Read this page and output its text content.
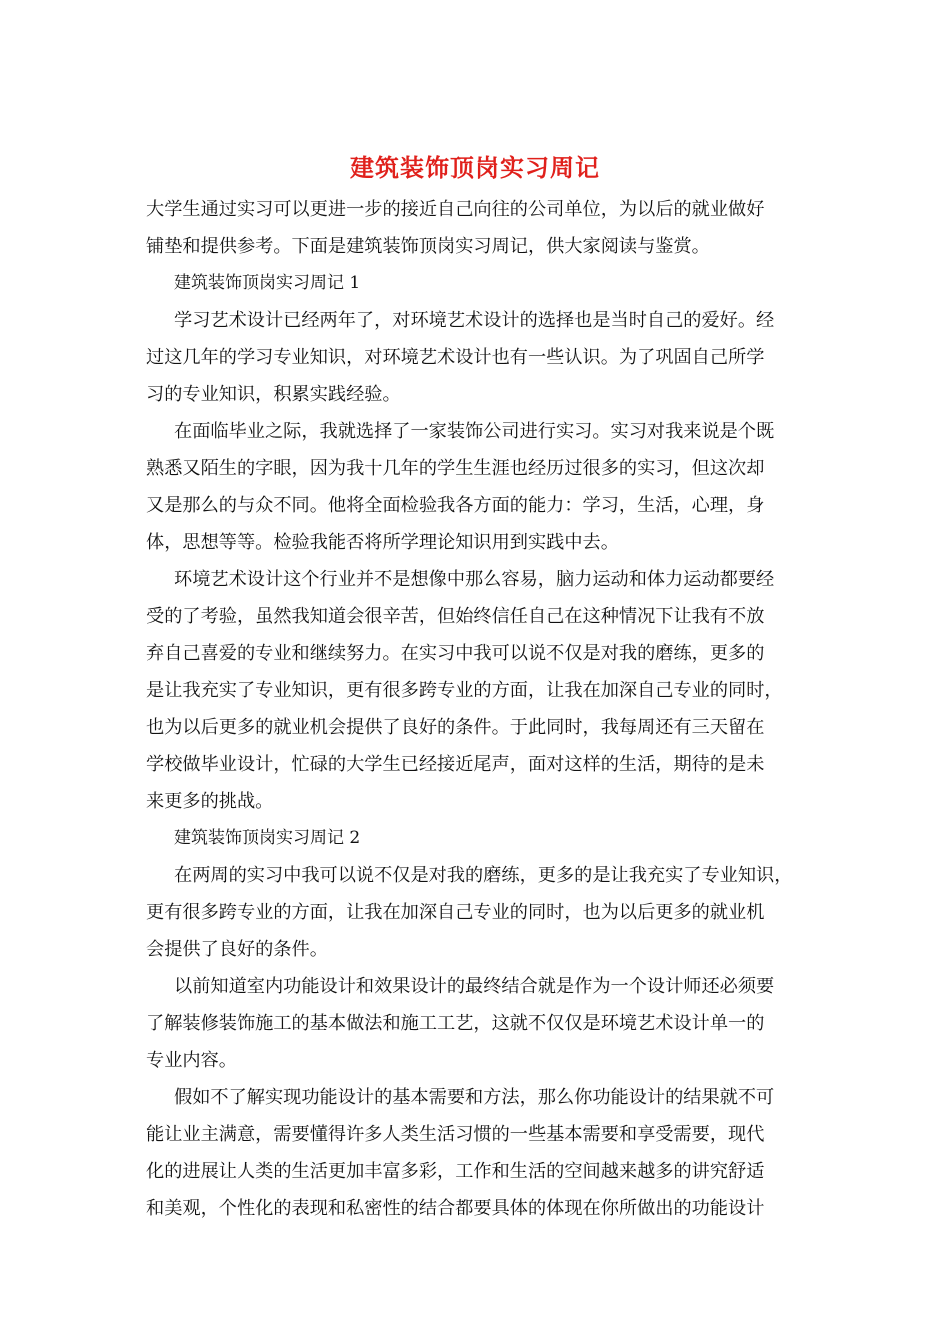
建筑装饰顶岗实习周记
大学生通过实习可以更进一步的接近自己向往的公司单位，为以后的就业做好
铺垫和提供参考。下面是建筑装饰顶岗实习周记，供大家阅读与鉴赏。
建筑装饰顶岗实习周记 1
学习艺术设计已经两年了，对环境艺术设计的选择也是当时自己的爱好。经
过这几年的学习专业知识，对环境艺术设计也有一些认识。为了巩固自己所学
习的专业知识，积累实践经验。
在面临毕业之际，我就选择了一家装饰公司进行实习。实习对我来说是个既
熟悉又陌生的字眼，因为我十几年的学生生涯也经历过很多的实习，但这次却
又是那么的与众不同。他将全面检验我各方面的能力：学习，生活，心理，身
体，思想等等。检验我能否将所学理论知识用到实践中去。
环境艺术设计这个行业并不是想像中那么容易，脑力运动和体力运动都要经
受的了考验，虽然我知道会很辛苦，但始终信任自己在这种情况下让我有不放
弃自己喜爱的专业和继续努力。在实习中我可以说不仅是对我的磨练，更多的
是让我充实了专业知识，更有很多跨专业的方面，让我在加深自己专业的同时，
也为以后更多的就业机会提供了良好的条件。于此同时，我每周还有三天留在
学校做毕业设计，忙碌的大学生已经接近尾声，面对这样的生活，期待的是未
来更多的挑战。
建筑装饰顶岗实习周记 2
在两周的实习中我可以说不仅是对我的磨练，更多的是让我充实了专业知识，
更有很多跨专业的方面，让我在加深自己专业的同时，也为以后更多的就业机
会提供了良好的条件。
以前知道室内功能设计和效果设计的最终结合就是作为一个设计师还必须要
了解装修装饰施工的基本做法和施工工艺，这就不仅仅是环境艺术设计单一的
专业内容。
假如不了解实现功能设计的基本需要和方法，那么你功能设计的结果就不可
能让业主满意，需要懂得许多人类生活习惯的一些基本需要和享受需要，现代
化的进展让人类的生活更加丰富多彩，工作和生活的空间越来越多的讲究舒适
和美观，个性化的表现和私密性的结合都要具体的体现在你所做出的功能设计
